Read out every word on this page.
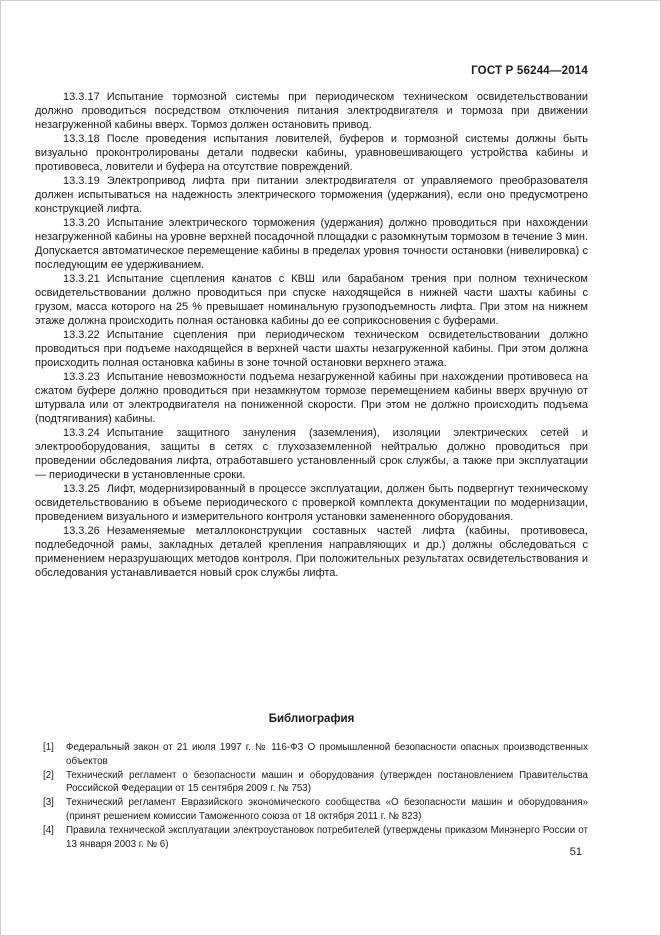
ГОСТ Р 56244—2014

13.3.17 Испытание тормозной системы при периодическом техническом освидетельствовании должно проводиться посредством отключения питания электродвигателя и тормоза при движении незагруженной кабины вверх. Тормоз должен остановить привод.

13.3.18 После проведения испытания ловителей, буферов и тормозной системы должны быть визуально проконтролированы детали подвески кабины, уравновешивающего устройства кабины и противовеса, ловители и буфера на отсутствие повреждений.

13.3.19 Электропривод лифта при питании электродвигателя от управляемого преобразователя должен испытываться на надежность электрического торможения (удержания), если оно предусмотрено конструкцией лифта.

13.3.20 Испытание электрического торможения (удержания) должно проводиться при нахождении незагруженной кабины на уровне верхней посадочной площадки с разомкнутым тормозом в течение 3 мин. Допускается автоматическое перемещение кабины в пределах уровня точности остановки (нивелировка) с последующим ее удерживанием.

13.3.21 Испытание сцепления канатов с КВШ или барабаном трения при полном техническом освидетельствовании должно проводиться при спуске находящейся в нижней части шахты кабины с грузом, масса которого на 25 % превышает номинальную грузоподъемность лифта. При этом на нижнем этаже должна происходить полная остановка кабины до ее соприкосновения с буферами.

13.3.22 Испытание сцепления при периодическом техническом освидетельствовании должно проводиться при подъеме находящейся в верхней части шахты незагруженной кабины. При этом должна происходить полная остановка кабины в зоне точной остановки верхнего этажа.

13.3.23 Испытание невозможности подъема незагруженной кабины при нахождении противовеса на сжатом буфере должно проводиться при незамкнутом тормозе перемещением кабины вверх вручную от штурвала или от электродвигателя на пониженной скорости. При этом не должно происходить подъема (подтягивания) кабины.

13.3.24 Испытание защитного зануления (заземления), изоляции электрических сетей и электрооборудования, защиты в сетях с глухозаземленной нейтралью должно проводиться при проведении обследования лифта, отработавшего установленный срок службы, а также при эксплуатации — периодически в установленные сроки.

13.3.25 Лифт, модернизированный в процессе эксплуатации, должен быть подвергнут техническому освидетельствованию в объеме периодического с проверкой комплекта документации по модернизации, проведением визуального и измерительного контроля установки замененного оборудования.

13.3.26 Незаменяемые металлоконструкции составных частей лифта (кабины, противовеса, подлебедочной рамы, закладных деталей крепления направляющих и др.) должны обследоваться с применением неразрушающих методов контроля. При положительных результатах освидетельствования и обследования устанавливается новый срок службы лифта.

Библиография
[1]	Федеральный закон от 21 июля 1997 г. № 116-ФЗ О промышленной безопасности опасных производственных объектов
[2]	Технический регламент о безопасности машин и оборудования (утвержден постановлением Правительства Российской Федерации от 15 сентября 2009 г. № 753)
[3]	Технический регламент Евразийского экономического сообщества «О безопасности машин и оборудования» (принят решением комиссии Таможенного союза от 18 октября 2011 г. № 823)
[4]	Правила технической эксплуатации электроустановок потребителей (утверждены приказом Минэнерго России от 13 января 2003 г. № 6)
51
